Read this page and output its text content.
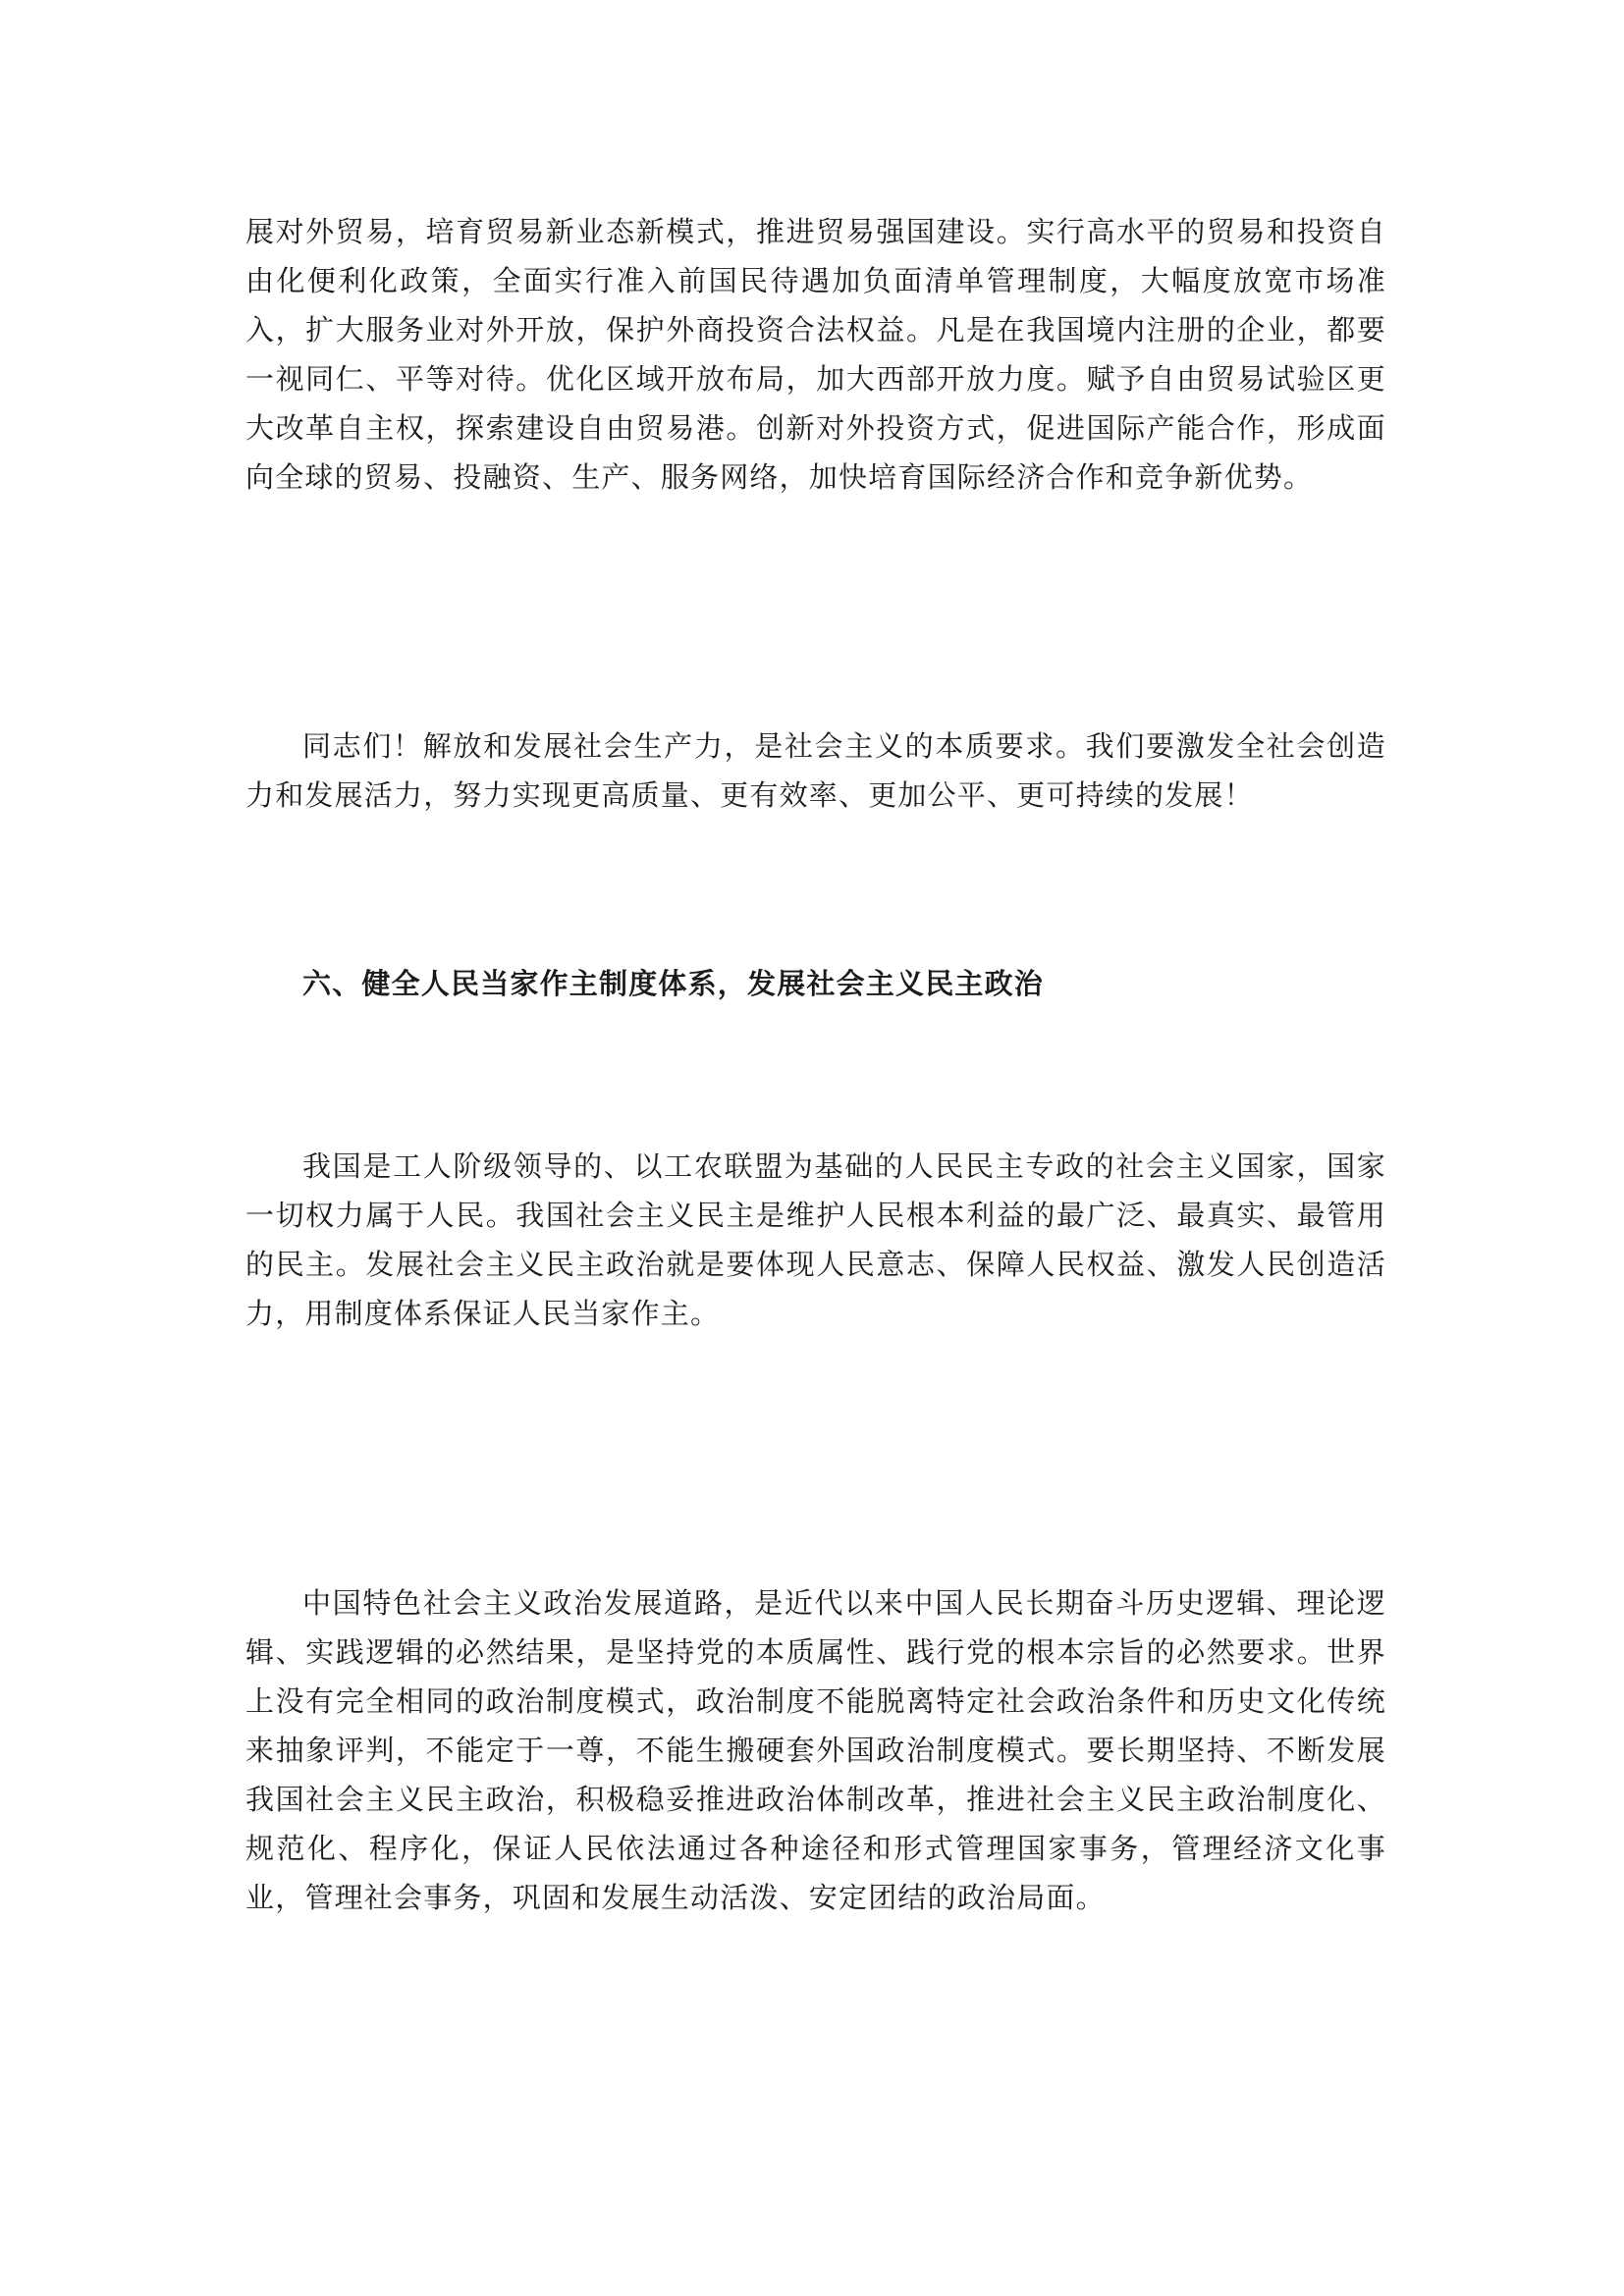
展对外贸易，培育贸易新业态新模式，推进贸易强国建设。实行高水平的贸易和投资自由化便利化政策，全面实行准入前国民待遇加负面清单管理制度，大幅度放宽市场准入，扩大服务业对外开放，保护外商投资合法权益。凡是在我国境内注册的企业，都要一视同仁、平等对待。优化区域开放布局，加大西部开放力度。赋予自由贸易试验区更大改革自主权，探索建设自由贸易港。创新对外投资方式，促进国际产能合作，形成面向全球的贸易、投融资、生产、服务网络，加快培育国际经济合作和竞争新优势。

同志们！解放和发展社会生产力，是社会主义的本质要求。我们要激发全社会创造力和发展活力，努力实现更高质量、更有效率、更加公平、更可持续的发展！

六、健全人民当家作主制度体系，发展社会主义民主政治

我国是工人阶级领导的、以工农联盟为基础的人民民主专政的社会主义国家，国家一切权力属于人民。我国社会主义民主是维护人民根本利益的最广泛、最真实、最管用的民主。发展社会主义民主政治就是要体现人民意志、保障人民权益、激发人民创造活力，用制度体系保证人民当家作主。

中国特色社会主义政治发展道路，是近代以来中国人民长期奋斗历史逻辑、理论逻辑、实践逻辑的必然结果，是坚持党的本质属性、践行党的根本宗旨的必然要求。世界上没有完全相同的政治制度模式，政治制度不能脱离特定社会政治条件和历史文化传统来抽象评判，不能定于一尊，不能生搬硬套外国政治制度模式。要长期坚持、不断发展我国社会主义民主政治，积极稳妥推进政治体制改革，推进社会主义民主政治制度化、规范化、程序化，保证人民依法通过各种途径和形式管理国家事务，管理经济文化事业，管理社会事务，巩固和发展生动活泼、安定团结的政治局面。
